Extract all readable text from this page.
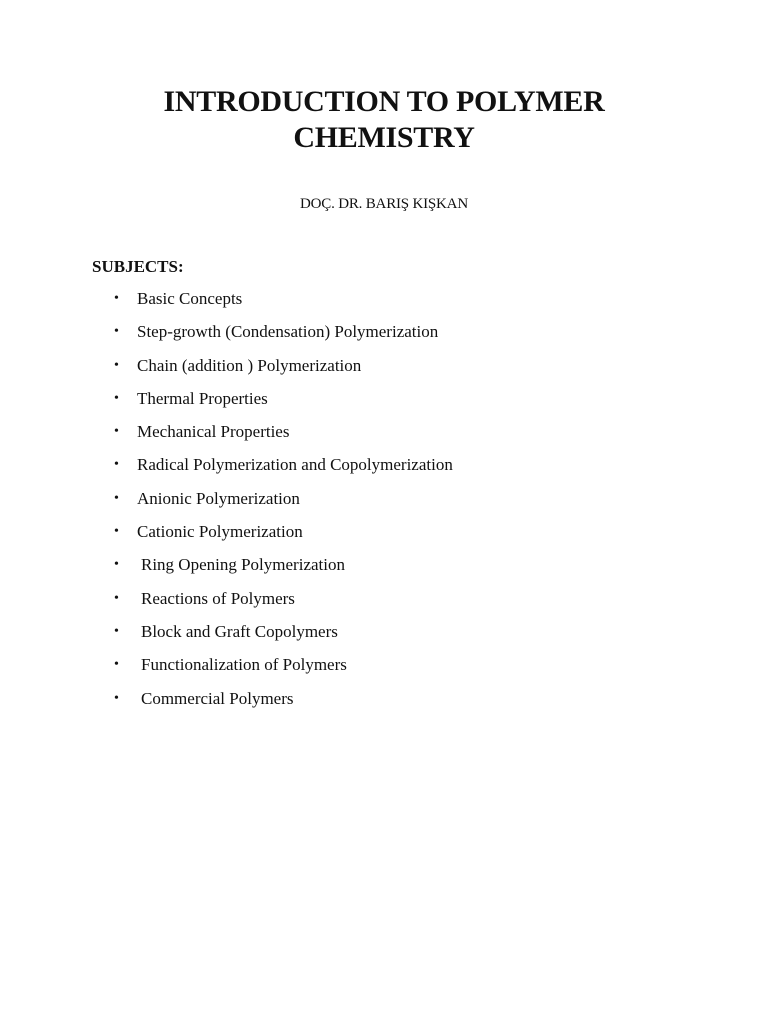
INTRODUCTION TO POLYMER
CHEMISTRY
DOÇ. DR. BARIŞ KIŞKAN
SUBJECTS:
•	Basic Concepts
•	Step-growth (Condensation) Polymerization
•	Chain (addition ) Polymerization
•	Thermal Properties
•	Mechanical Properties
•	Radical Polymerization and Copolymerization
•	Anionic Polymerization
•	Cationic Polymerization
•	Ring Opening Polymerization
•	Reactions of Polymers
•	Block and Graft Copolymers
•	Functionalization of Polymers
•	Commercial Polymers
